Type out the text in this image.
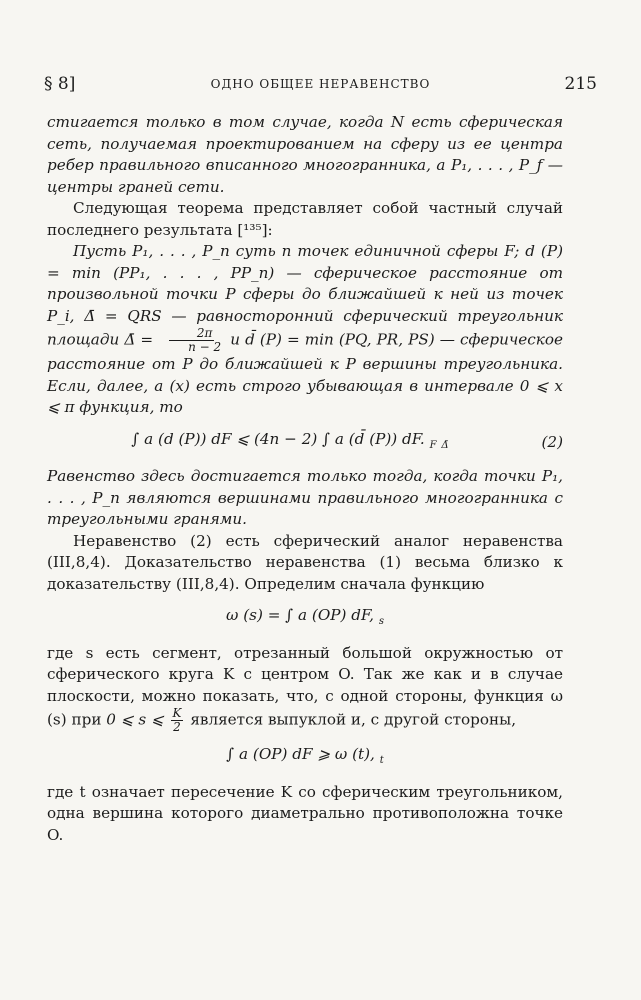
§ 8]	ОДНО ОБЩЕЕ НЕРАВЕНСТВО	215

стигается только в том случае, когда N есть сферическая сеть, получаемая проектированием на сферу из ее центра ребер правильного вписанного многогранника, а P₁, . . . , P_f — центры граней сети.

Следующая теорема представляет собой частный случай последнего результата [¹³⁵]:

Пусть P₁, . . . , P_n суть n точек единичной сферы F; d (P) = min (PP₁, . . . , PP_n) — сферическое расстояние от произвольной точки P сферы до ближайшей к ней из точек P_i, Δ̄ = QRS — равносторонний сферический треугольник площади Δ̄ = $\frac{2\pi}{n - 2}$ и d̄ (P) = min (PQ, PR, PS) — сферическое расстояние от P до ближайшей к P вершины треугольника. Если, далее, a (x) есть строго убывающая в интервале 0 ⩽ x ⩽ π функция, то

∫ a (d (P)) dF ⩽ (4n − 2) ∫ a (d̄ (P)) dF. $_F$ $_{\Deltā}$	(2)

Равенство здесь достигается только тогда, когда точки P₁, . . . , P_n являются вершинами правильного многогранника с треугольными гранями.

Неравенство (2) есть сферический аналог неравенства (III,8,4). Доказательство неравенства (1) весьма близко к доказательству (III,8,4). Определим сначала функцию

ω (s) = ∫ a (OP) dF, $_s$

где s есть сегмент, отрезанный большой окружностью от сферического круга K с центром O. Так же как и в случае плоскости, можно показать, что, с одной стороны, функция ω (s) при 0 ⩽ s ⩽ $\frac{K}{2}$ является выпуклой и, с другой стороны,

∫ a (OP) dF ⩾ ω (t), $_t$

где t означает пересечение K со сферическим треугольником, одна вершина которого диаметрально противоположна точке O.
